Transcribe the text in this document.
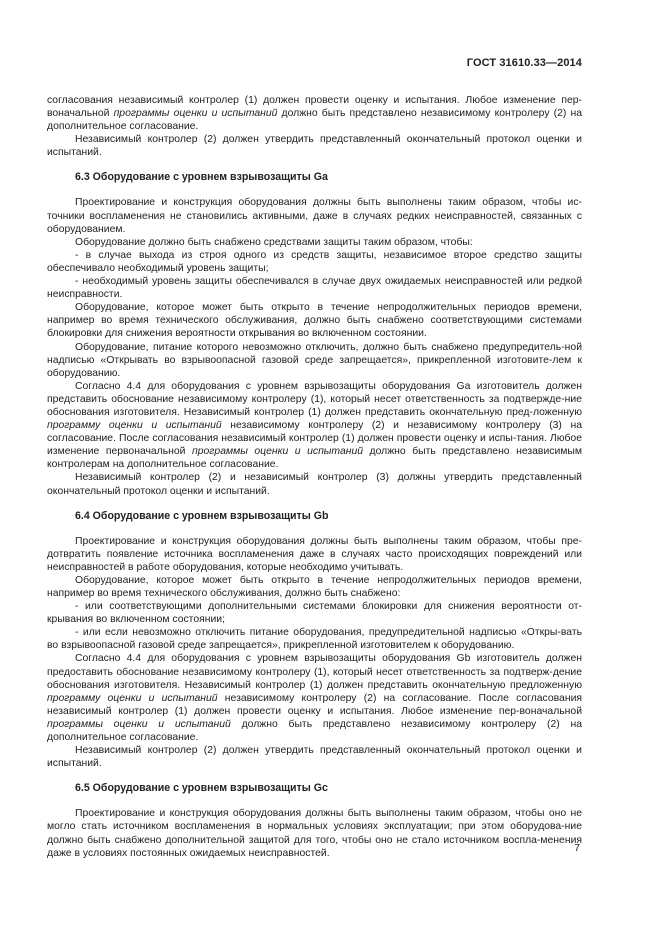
ГОСТ 31610.33—2014

согласования независимый контролер (1) должен провести оценку и испытания. Любое изменение пер-воначальной программы оценки и испытаний должно быть представлено независимому контролеру (2) на дополнительное согласование.

Независимый контролер (2) должен утвердить представленный окончательный протокол оценки и испытаний.

6.3 Оборудование с уровнем взрывозащиты Ga

Проектирование и конструкция оборудования должны быть выполнены таким образом, чтобы ис-точники воспламенения не становились активными, даже в случаях редких неисправностей, связанных с оборудованием.

Оборудование должно быть снабжено средствами защиты таким образом, чтобы:

- в случае выхода из строя одного из средств защиты, независимое второе средство защиты обеспечивало необходимый уровень защиты;

- необходимый уровень защиты обеспечивался в случае двух ожидаемых неисправностей или редкой неисправности.

Оборудование, которое может быть открыто в течение непродолжительных периодов времени, например во время технического обслуживания, должно быть снабжено соответствующими системами блокировки для снижения вероятности открывания во включенном состоянии.

Оборудование, питание которого невозможно отключить, должно быть снабжено предупредитель-ной надписью «Открывать во взрывоопасной газовой среде запрещается», прикрепленной изготовите-лем к оборудованию.

Согласно 4.4 для оборудования с уровнем взрывозащиты оборудования Ga изготовитель должен представить обоснование независимому контролеру (1), который несет ответственность за подтвержде-ние обоснования изготовителя. Независимый контролер (1) должен представить окончательную пред-ложенную программу оценки и испытаний независимому контролеру (2) и независимому контролеру (3) на согласование. После согласования независимый контролер (1) должен провести оценку и испы-тания. Любое изменение первоначальной программы оценки и испытаний должно быть представлено независимым контролерам на дополнительное согласование.

Независимый контролер (2) и независимый контролер (3) должны утвердить представленный окончательный протокол оценки и испытаний.

6.4 Оборудование с уровнем взрывозащиты Gb

Проектирование и конструкция оборудования должны быть выполнены таким образом, чтобы пре-дотвратить появление источника воспламенения даже в случаях часто происходящих повреждений или неисправностей в работе оборудования, которые необходимо учитывать.

Оборудование, которое может быть открыто в течение непродолжительных периодов времени, например во время технического обслуживания, должно быть снабжено:

- или соответствующими дополнительными системами блокировки для снижения вероятности от-крывания во включенном состоянии;

- или если невозможно отключить питание оборудования, предупредительной надписью «Откры-вать во взрывоопасной газовой среде запрещается», прикрепленной изготовителем к оборудованию.

Согласно 4.4 для оборудования с уровнем взрывозащиты оборудования Gb изготовитель должен предоставить обоснование независимому контролеру (1), который несет ответственность за подтверж-дение обоснования изготовителя. Независимый контролер (1) должен представить окончательную предложенную программу оценки и испытаний независимому контролеру (2) на согласование. После согласования независимый контролер (1) должен провести оценку и испытания. Любое изменение пер-воначальной программы оценки и испытаний должно быть представлено независимому контролеру (2) на дополнительное согласование.

Независимый контролер (2) должен утвердить представленный окончательный протокол оценки и испытаний.

6.5 Оборудование с уровнем взрывозащиты Gc

Проектирование и конструкция оборудования должны быть выполнены таким образом, чтобы оно не могло стать источником воспламенения в нормальных условиях эксплуатации; при этом оборудова-ние должно быть снабжено дополнительной защитой для того, чтобы оно не стало источником воспла-менения даже в условиях постоянных ожидаемых неисправностей.	7
